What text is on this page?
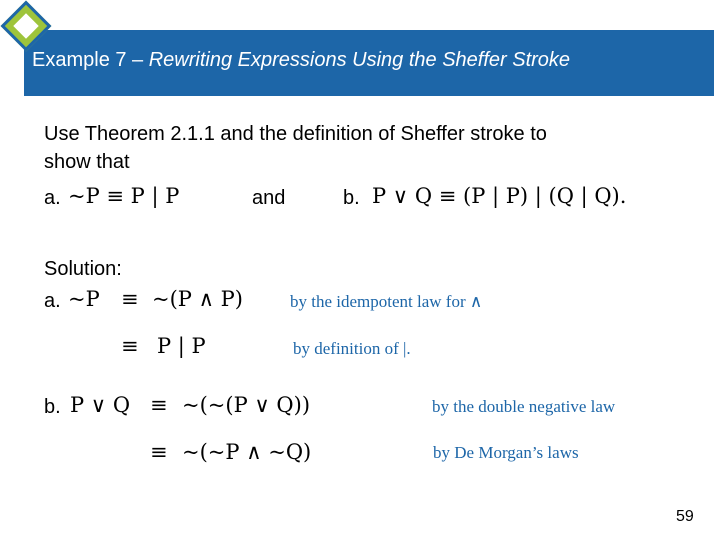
Example 7 – Rewriting Expressions Using the Sheffer Stroke
Use Theorem 2.1.1 and the definition of Sheffer stroke to
show that
a. ~P ≡ P | P	and	b. P ∨ Q ≡ (P | P) | (Q | Q).
Solution:
a. ~P ≡ ~(P ∧ P)	by the idempotent law for ∧
≡ P | P	by definition of |.
b. P ∨ Q ≡ ~(~(P ∨ Q))	by the double negative law
≡ ~(~P ∧ ~Q)	by De Morgan’s laws
59
